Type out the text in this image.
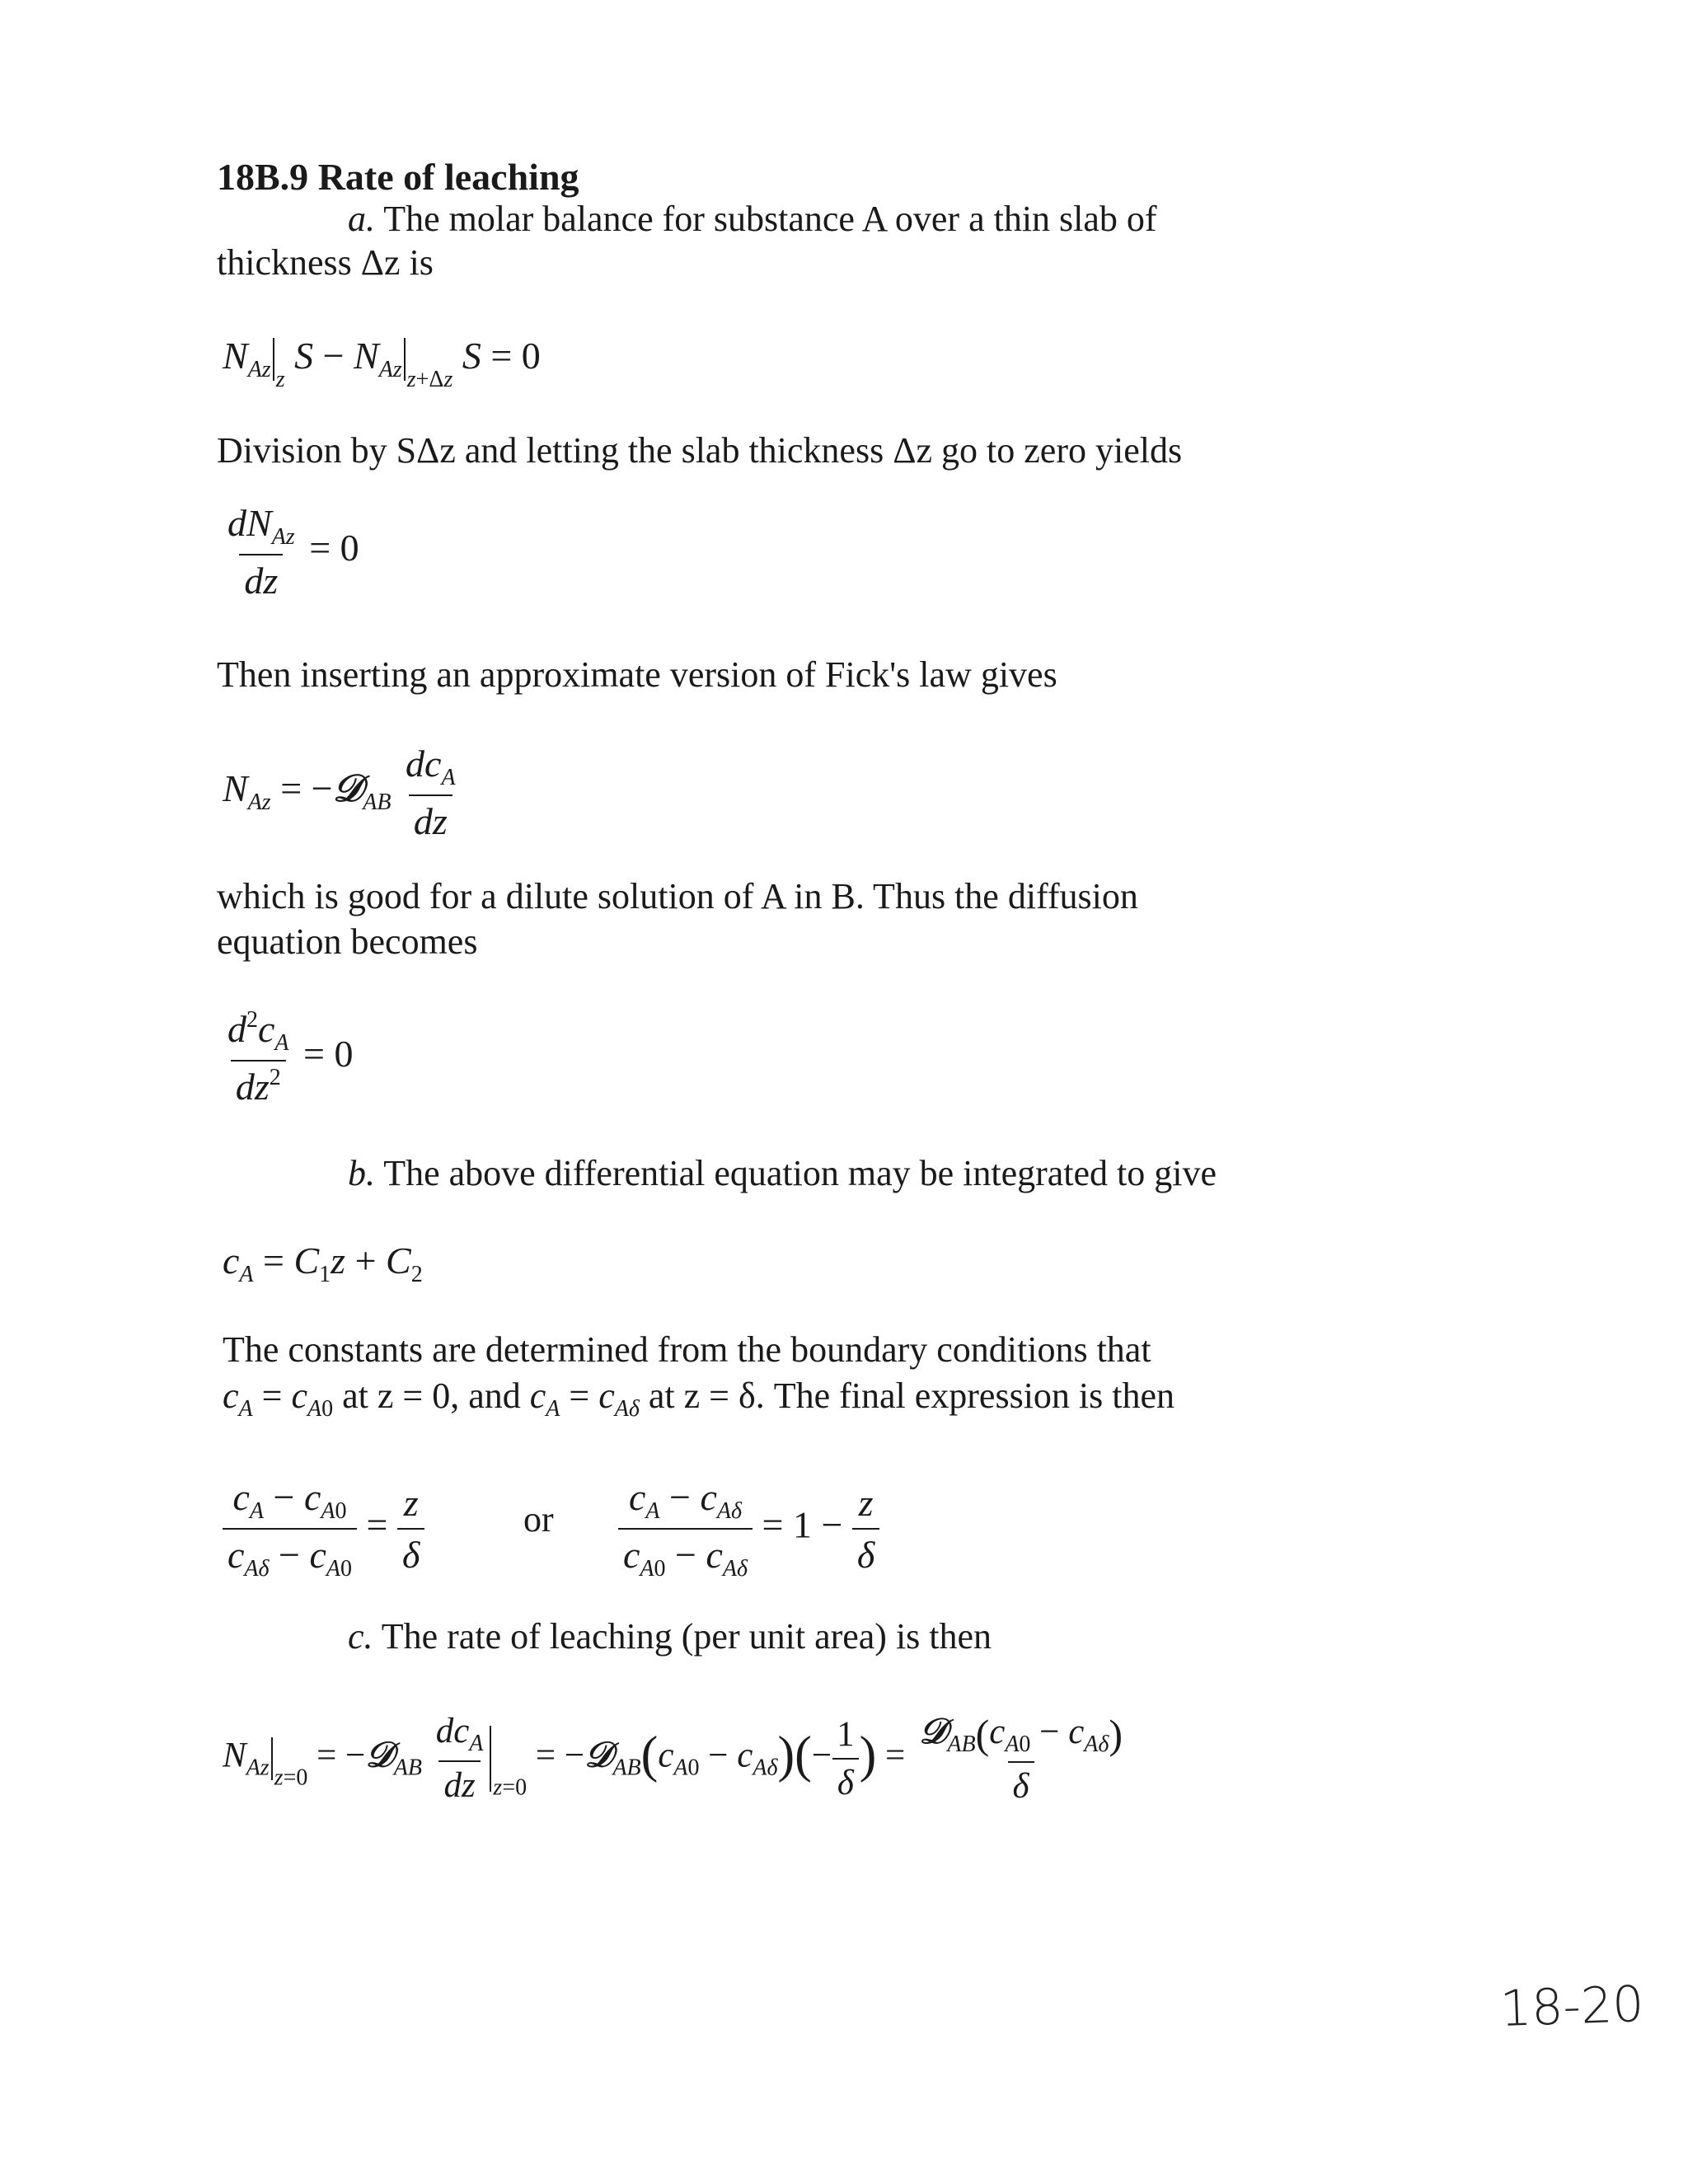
18B.9 Rate of leaching
a. The molar balance for substance A over a thin slab of
thickness Δz is
$N_{Az}$ $_z$ $S - N_{Az}$ $_{z+\Delta z}$ S = 0
Division by SΔz and letting the slab thickness Δz go to zero yields
$\frac{dN_{Az}}{dz} = 0$
Then inserting an approximate version of Fick's law gives
$N_{Az}$ = −𝒟$_{AB}$ $\frac{dc_A}{dz}$
which is good for a dilute solution of A in B. Thus the diffusion
equation becomes
$\frac{d^2c_A}{dz^2} = 0$
b. The above differential equation may be integrated to give
$c_A = C_1z + C_2$
The constants are determined from the boundary conditions that
$c_A = c_{A0}$ at z = 0, and $c_A = c_{A\delta}$ at z = δ. The final expression is then
$\frac{c_A - c_{A0}}{c_{A\delta} - c_{A0}} = \frac{z}{\delta}$	or $\frac{c_A - c_{A\delta}}{c_{A0} - c_{A\delta}} = 1 - \frac{z}{\delta}$
c. The rate of leaching (per unit area) is then
$N_{Az}$ $_{z=0}$ = −𝒟$_{AB}$ $\frac{dc_A}{dz} _{z=0}$ = $-𝒟_{AB}(c_{A0} - c_{A\delta})(- \frac{1}{\delta}$ ) = $\frac{𝒟_{AB}(c_{A0} - c_{A\delta})}{\delta}$
18-20
